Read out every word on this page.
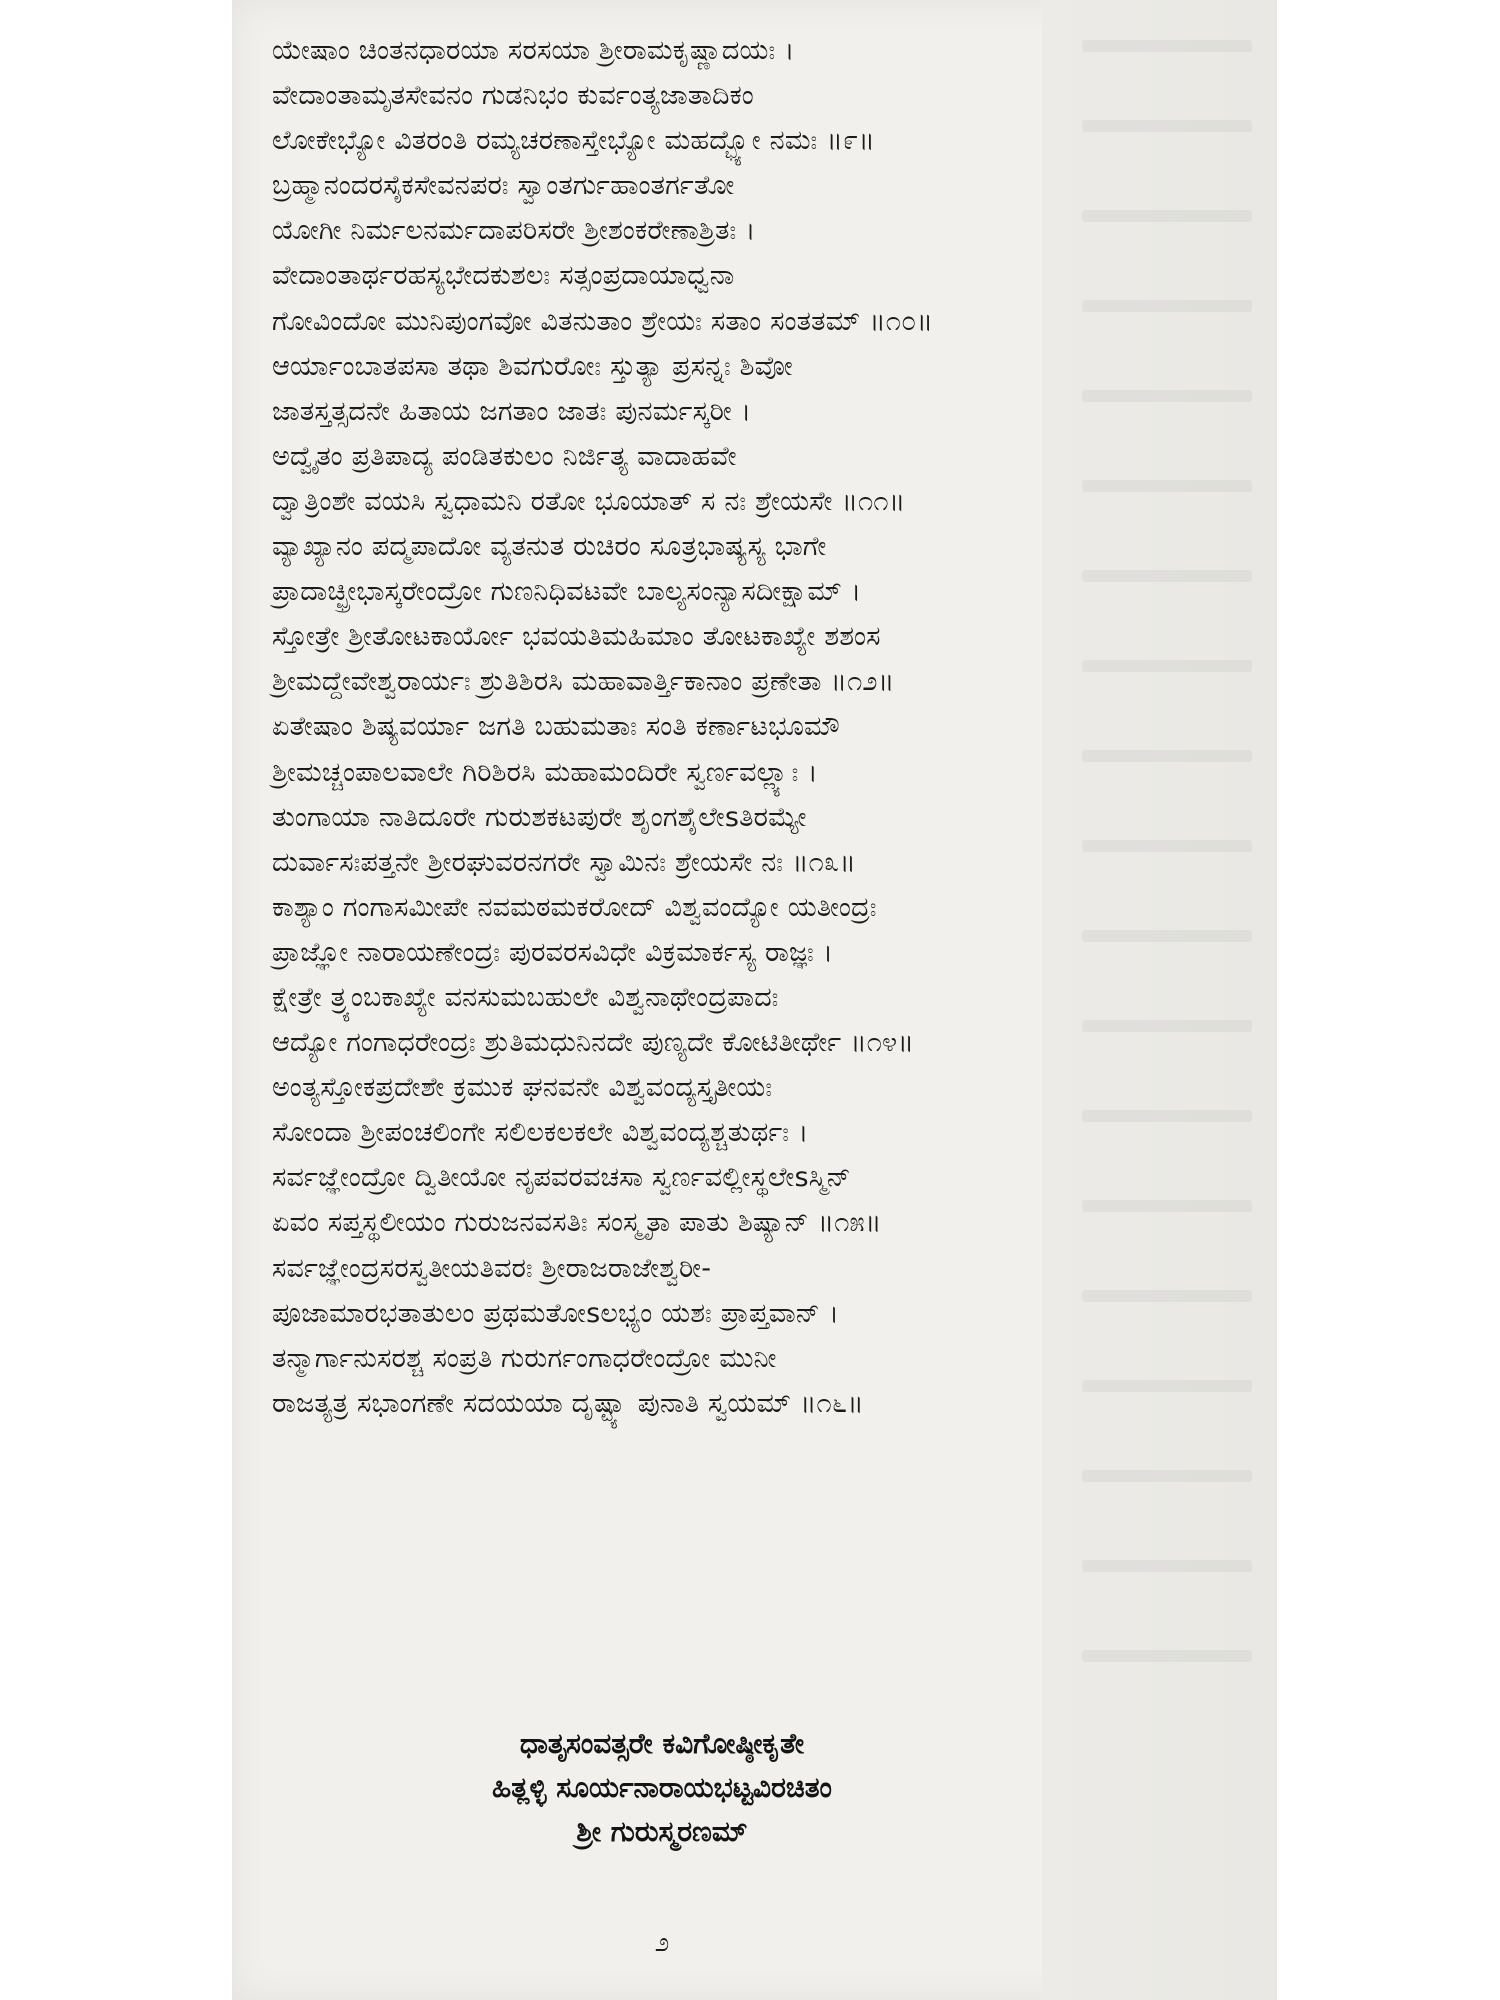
ಯೇಷಾಂ ಚಿಂತನಧಾರಯಾ ಸರಸಯಾ ಶ್ರೀರಾಮಕೃಷ್ಣಾದಯಃ ।
ವೇದಾಂತಾಮೃತಸೇವನಂ ಗುಡನಿಭಂ ಕುರ್ವಂತ್ಯಜಾತಾದಿಕಂ
ಲೋಕೇಭ್ಯೋ ವಿತರಂತಿ ರಮ್ಯಚರಣಾಸ್ತೇಭ್ಯೋ ಮಹದ್ಭ್ಯೋ ನಮಃ ॥೯॥
ಬ್ರಹ್ಮಾನಂದರಸೈಕಸೇವನಪರಃ ಸ್ವಾಂತರ್ಗುಹಾಂತರ್ಗತೋ
ಯೋಗೀ ನಿರ್ಮಲನರ್ಮದಾಪರಿಸರೇ ಶ್ರೀಶಂಕರೇಣಾಶ್ರಿತಃ ।
ವೇದಾಂತಾರ್ಥರಹಸ್ಯಭೇದಕುಶಲಃ ಸತ್ಸಂಪ್ರದಾಯಾಧ್ವನಾ
ಗೋವಿಂದೋ ಮುನಿಪುಂಗವೋ ವಿತನುತಾಂ ಶ್ರೇಯಃ ಸತಾಂ ಸಂತತಮ್ ॥೧೦॥
ಆರ್ಯಾಂಬಾತಪಸಾ ತಥಾ ಶಿವಗುರೋಃ ಸ್ತುತ್ಯಾ ಪ್ರಸನ್ನಃ ಶಿವೋ
ಜಾತಸ್ತತ್ಸದನೇ ಹಿತಾಯ ಜಗತಾಂ ಜಾತಃ ಪುನರ್ಮಸ್ಕರೀ ।
ಅದ್ವೈತಂ ಪ್ರತಿಪಾದ್ಯ ಪಂಡಿತಕುಲಂ ನಿರ್ಜಿತ್ಯ ವಾದಾಹವೇ
ದ್ವಾತ್ರಿಂಶೇ ವಯಸಿ ಸ್ವಧಾಮನಿ ರತೋ ಭೂಯಾತ್ ಸ ನಃ ಶ್ರೇಯಸೇ ॥೧೧॥
ವ್ಯಾಖ್ಯಾನಂ ಪದ್ಮಪಾದೋ ವ್ಯತನುತ ರುಚಿರಂ ಸೂತ್ರಭಾಷ್ಯಸ್ಯ ಭಾಗೇ
ಪ್ರಾದಾಚ್ಛ್ರೀಭಾಸ್ಕರೇಂದ್ರೋ ಗುಣನಿಧಿವಟವೇ ಬಾಲ್ಯಸಂನ್ಯಾಸದೀಕ್ಷಾಮ್ ।
ಸ್ತೋತ್ರೇ ಶ್ರೀತೋಟಕಾರ್ಯೋ ಭವಯತಿಮಹಿಮಾಂ ತೋಟಕಾಖ್ಯೇ ಶಶಂಸ
ಶ್ರೀಮದ್ದೇವೇಶ್ವರಾರ್ಯಃ ಶ್ರುತಿಶಿರಸಿ ಮಹಾವಾರ್ತ್ತಿಕಾನಾಂ ಪ್ರಣೇತಾ ॥೧೨॥
ಏತೇಷಾಂ ಶಿಷ್ಯವರ್ಯಾ ಜಗತಿ ಬಹುಮತಾಃ ಸಂತಿ ಕರ್ಣಾಟಭೂಮೌ
ಶ್ರೀಮಚ್ಚಂಪಾಲವಾಲೇ ಗಿರಿಶಿರಸಿ ಮಹಾಮಂದಿರೇ ಸ್ವರ್ಣವಲ್ಲ್ಯಾಃ ।
ತುಂಗಾಯಾ ನಾತಿದೂರೇ ಗುರುಶಕಟಪುರೇ ಶೃಂಗಶೈಲೇsತಿರಮ್ಯೇ
ದುರ್ವಾಸಃಪತ್ತನೇ ಶ್ರೀರಘುವರನಗರೇ ಸ್ವಾಮಿನಃ ಶ್ರೇಯಸೇ ನಃ ॥೧೩॥
ಕಾಶ್ಯಾಂ ಗಂಗಾಸಮೀಪೇ ನವಮಠಮಕರೋದ್ ವಿಶ್ವವಂದ್ಯೋ ಯತೀಂದ್ರಃ
ಪ್ರಾಜ್ಞೋ ನಾರಾಯಣೇಂದ್ರಃ ಪುರವರಸವಿಧೇ ವಿಕ್ರಮಾರ್ಕಸ್ಯ ರಾಜ್ಞಃ ।
ಕ್ಷೇತ್ರೇ ತ್ರ್ಯಂಬಕಾಖ್ಯೇ ವನಸುಮಬಹುಲೇ ವಿಶ್ವನಾಥೇಂದ್ರಪಾದಃ
ಆದ್ಯೋ ಗಂಗಾಧರೇಂದ್ರಃ ಶ್ರುತಿಮಧುನಿನದೇ ಪುಣ್ಯದೇ ಕೋಟಿತೀರ್ಥೇ ॥೧೪॥
ಅಂತ್ಯಸ್ತೋಕಪ್ರದೇಶೇ ಕ್ರಮುಕ ಘನವನೇ ವಿಶ್ವವಂದ್ಯಸ್ತೃತೀಯಃ
ಸೋಂದಾ ಶ್ರೀಪಂಚಲಿಂಗೇ ಸಲಿಲಕಲಕಲೇ ವಿಶ್ವವಂದ್ಯಶ್ಚತುರ್ಥಃ ।
ಸರ್ವಜ್ಞೇಂದ್ರೋ ದ್ವಿತೀಯೋ ನೃಪವರವಚಸಾ ಸ್ವರ್ಣವಲ್ಲೀಸ್ಥಲೇsಸ್ಮಿನ್
ಏವಂ ಸಪ್ತಸ್ಥಲೀಯಂ ಗುರುಜನವಸತಿಃ ಸಂಸ್ಮೃತಾ ಪಾತು ಶಿಷ್ಯಾನ್ ॥೧೫॥
ಸರ್ವಜ್ಞೇಂದ್ರಸರಸ್ವತೀಯತಿವರಃ ಶ್ರೀರಾಜರಾಜೇಶ್ವರೀ-
ಪೂಜಾಮಾರಭತಾತುಲಂ ಪ್ರಥಮತೋsಲಭ್ಯಂ ಯಶಃ ಪ್ರಾಪ್ತವಾನ್ ।
ತನ್ಮಾರ್ಗಾನುಸರಶ್ಚ ಸಂಪ್ರತಿ ಗುರುರ್ಗಂಗಾಧರೇಂದ್ರೋ ಮುನೀ
ರಾಜತ್ಯತ್ರ ಸಭಾಂಗಣೇ ಸದಯಯಾ ದೃಷ್ಟ್ಯಾ ಪುನಾತಿ ಸ್ವಯಮ್ ॥೧೬॥
ಧಾತೃಸಂವತ್ಸರೇ ಕವಿಗೋಷ್ಠೀಕೃತೇ
ಹಿತ್ಲಳ್ಳಿ ಸೂರ್ಯನಾರಾಯಭಟ್ಟವಿರಚಿತಂ
ಶ್ರೀ ಗುರುಸ್ಮರಣಮ್
೨
